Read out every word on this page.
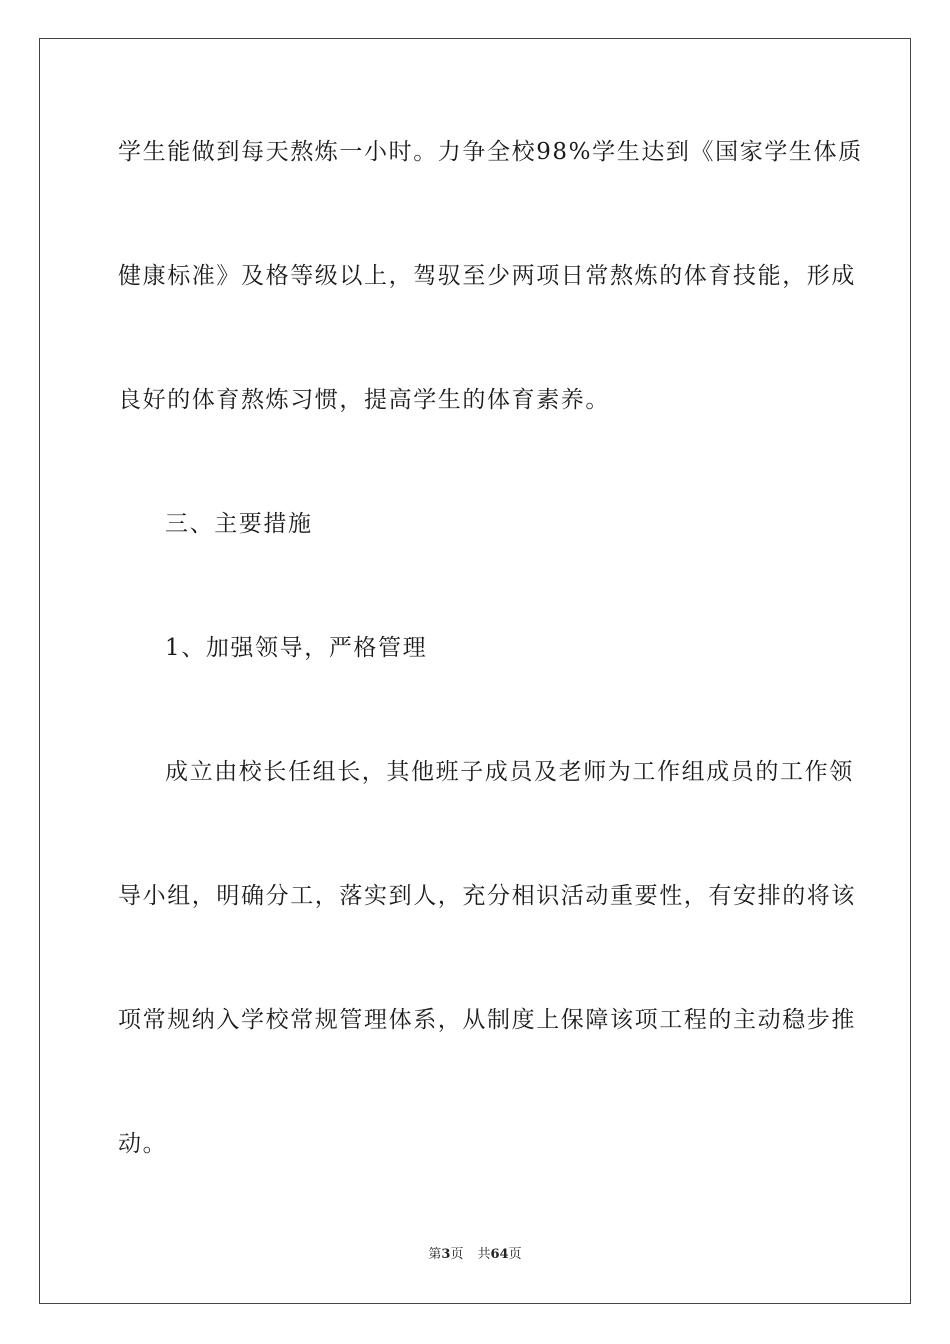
学生能做到每天熬炼一小时。力争全校98%学生达到《国家学生体质
健康标准》及格等级以上，驾驭至少两项日常熬炼的体育技能，形成
良好的体育熬炼习惯，提高学生的体育素养。
三、主要措施
1、加强领导，严格管理
成立由校长任组长，其他班子成员及老师为工作组成员的工作领
导小组，明确分工，落实到人，充分相识活动重要性，有安排的将该
项常规纳入学校常规管理体系，从制度上保障该项工程的主动稳步推
动。
第3页 共64页
